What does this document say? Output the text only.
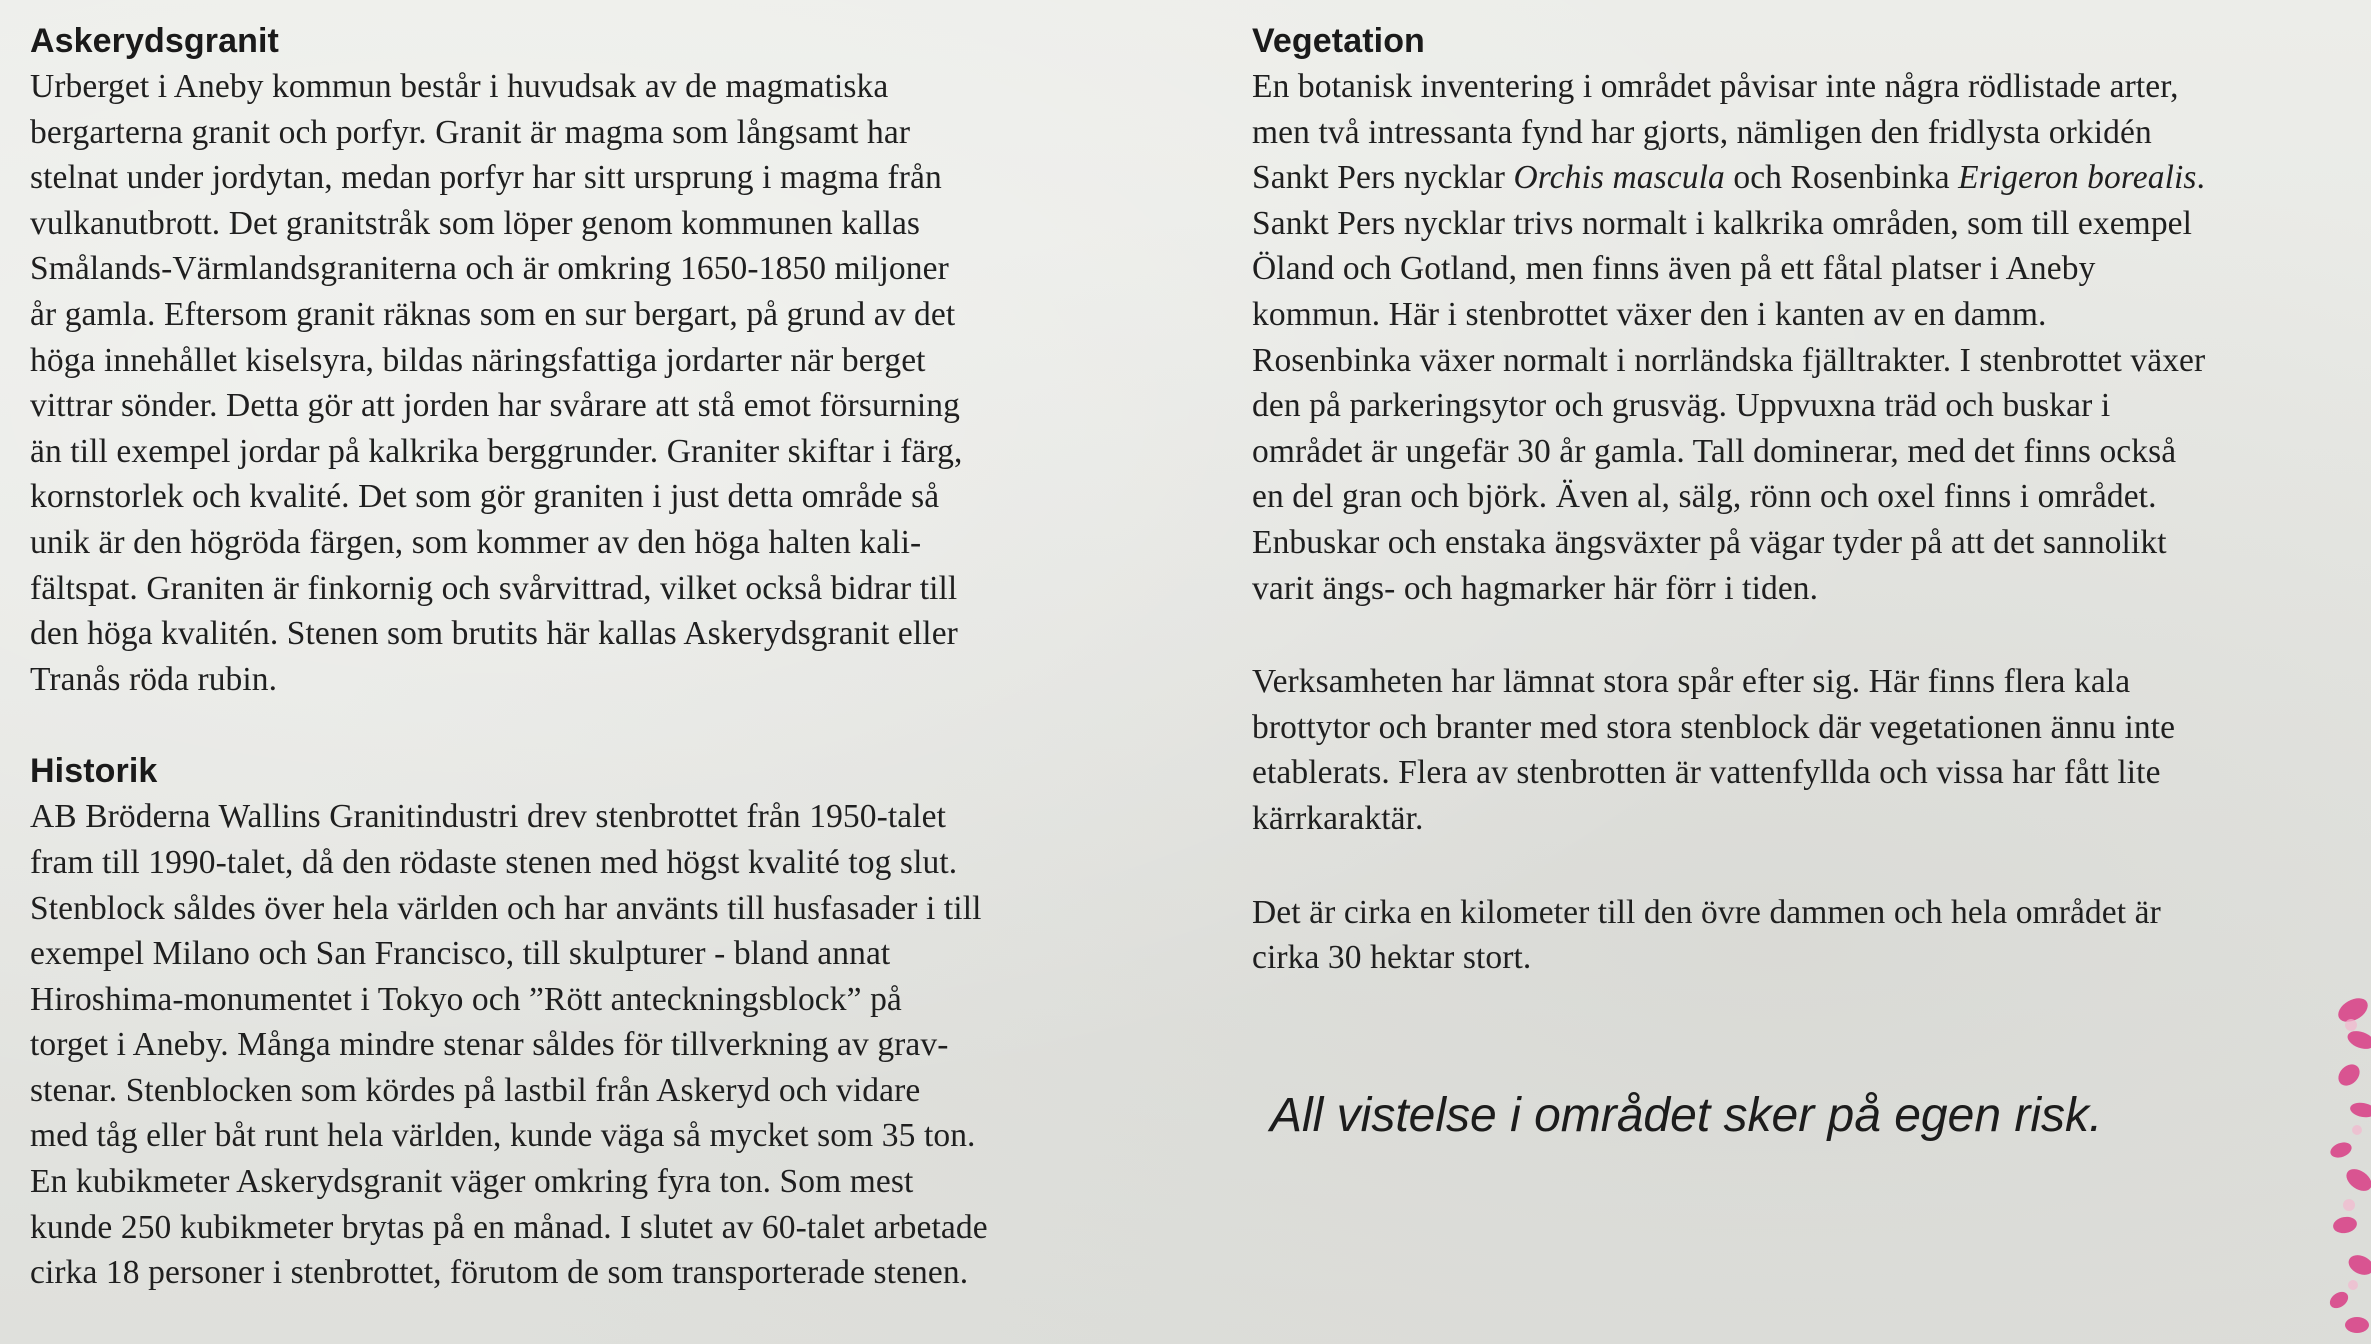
Askerydsgranit
Urberget i Aneby kommun består i huvudsak av de magmatiska
bergarterna granit och porfyr. Granit är magma som långsamt har
stelnat under jordytan, medan porfyr har sitt ursprung i magma från
vulkanutbrott. Det granitstråk som löper genom kommunen kallas
Smålands-Värmlandsgraniterna och är omkring 1650-1850 miljoner
år gamla. Eftersom granit räknas som en sur bergart, på grund av det
höga innehållet kiselsyra, bildas näringsfattiga jordarter när berget
vittrar sönder. Detta gör att jorden har svårare att stå emot försurning
än till exempel jordar på kalkrika berggrunder. Graniter skiftar i färg,
kornstorlek och kvalité. Det som gör graniten i just detta område så
unik är den högröda färgen, som kommer av den höga halten kali-
fältspat. Graniten är finkornig och svårvittrad, vilket också bidrar till
den höga kvalitén. Stenen som brutits här kallas Askerydsgranit eller
Tranås röda rubin.
Historik
AB Bröderna Wallins Granitindustri drev stenbrottet från 1950-talet
fram till 1990-talet, då den rödaste stenen med högst kvalité tog slut.
Stenblock såldes över hela världen och har använts till husfasader i till
exempel Milano och San Francisco, till skulpturer - bland annat
Hiroshima-monumentet i Tokyo och ”Rött anteckningsblock” på
torget i Aneby. Många mindre stenar såldes för tillverkning av grav-
stenar. Stenblocken som kördes på lastbil från Askeryd och vidare
med tåg eller båt runt hela världen, kunde väga så mycket som 35 ton.
En kubikmeter Askerydsgranit väger omkring fyra ton. Som mest
kunde 250 kubikmeter brytas på en månad. I slutet av 60-talet arbetade
cirka 18 personer i stenbrottet, förutom de som transporterade stenen.
Vegetation
En botanisk inventering i området påvisar inte några rödlistade arter,
men två intressanta fynd har gjorts, nämligen den fridlysta orkidén
Sankt Pers nycklar Orchis mascula och Rosenbinka Erigeron borealis.
Sankt Pers nycklar trivs normalt i kalkrika områden, som till exempel
Öland och Gotland, men finns även på ett fåtal platser i Aneby
kommun. Här i stenbrottet växer den i kanten av en damm.
Rosenbinka växer normalt i norrländska fjälltrakter. I stenbrottet växer
den på parkeringsytor och grusväg. Uppvuxna träd och buskar i
området är ungefär 30 år gamla. Tall dominerar, med det finns också
en del gran och björk. Även al, sälg, rönn och oxel finns i området.
Enbuskar och enstaka ängsväxter på vägar tyder på att det sannolikt
varit ängs- och hagmarker här förr i tiden.
Verksamheten har lämnat stora spår efter sig. Här finns flera kala
brottytor och branter med stora stenblock där vegetationen ännu inte
etablerats. Flera av stenbrotten är vattenfyllda och vissa har fått lite
kärrkaraktär.
Det är cirka en kilometer till den övre dammen och hela området är
cirka 30 hektar stort.
All vistelse i området sker på egen risk.
